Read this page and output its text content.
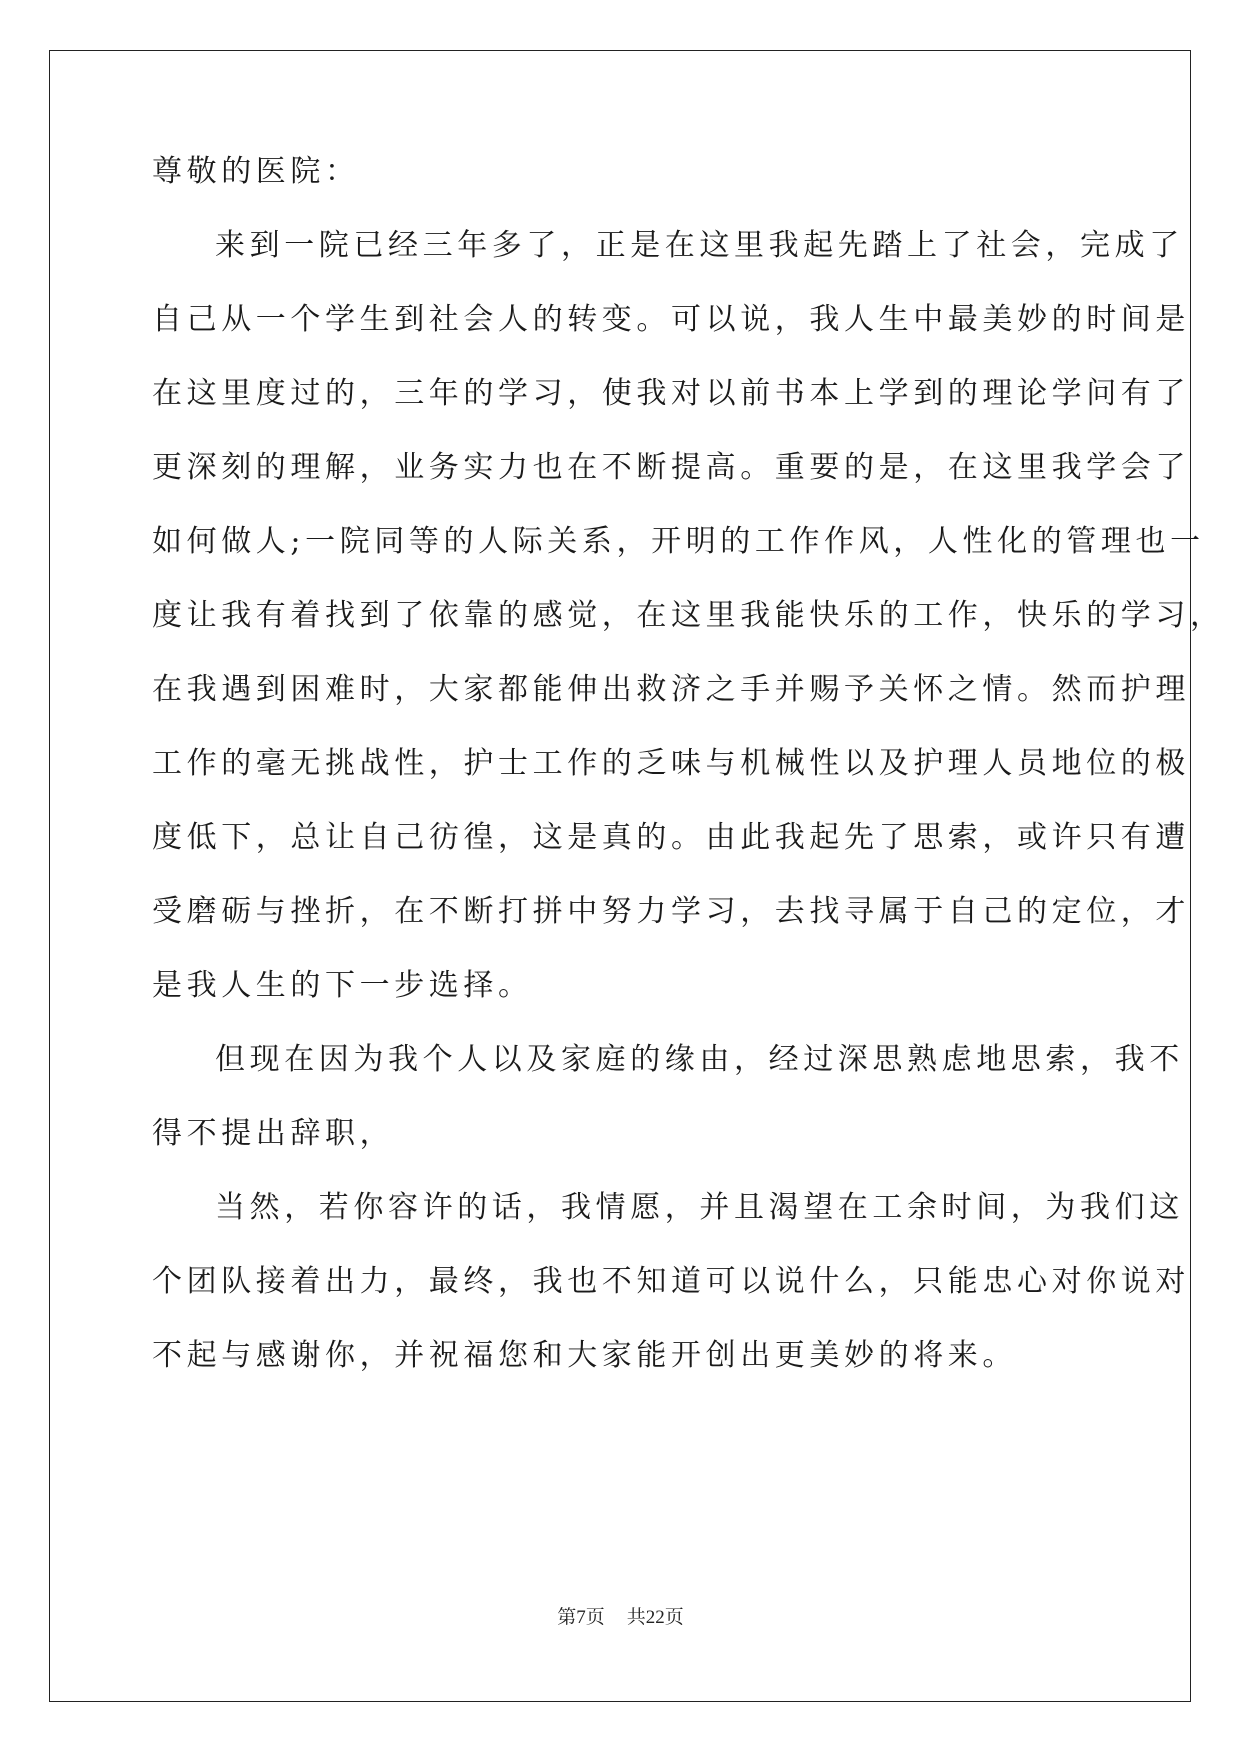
尊敬的医院：
来到一院已经三年多了，正是在这里我起先踏上了社会，完成了
自己从一个学生到社会人的转变。可以说，我人生中最美妙的时间是
在这里度过的，三年的学习，使我对以前书本上学到的理论学问有了
更深刻的理解，业务实力也在不断提高。重要的是，在这里我学会了
如何做人;一院同等的人际关系，开明的工作作风，人性化的管理也一
度让我有着找到了依靠的感觉，在这里我能快乐的工作，快乐的学习，
在我遇到困难时，大家都能伸出救济之手并赐予关怀之情。然而护理
工作的毫无挑战性，护士工作的乏味与机械性以及护理人员地位的极
度低下，总让自己彷徨，这是真的。由此我起先了思索，或许只有遭
受磨砺与挫折，在不断打拼中努力学习，去找寻属于自己的定位，才
是我人生的下一步选择。
但现在因为我个人以及家庭的缘由，经过深思熟虑地思索，我不
得不提出辞职，
当然，若你容许的话，我情愿，并且渴望在工余时间，为我们这
个团队接着出力，最终，我也不知道可以说什么，只能忠心对你说对
不起与感谢你，并祝福您和大家能开创出更美妙的将来。
第7页 共22页
